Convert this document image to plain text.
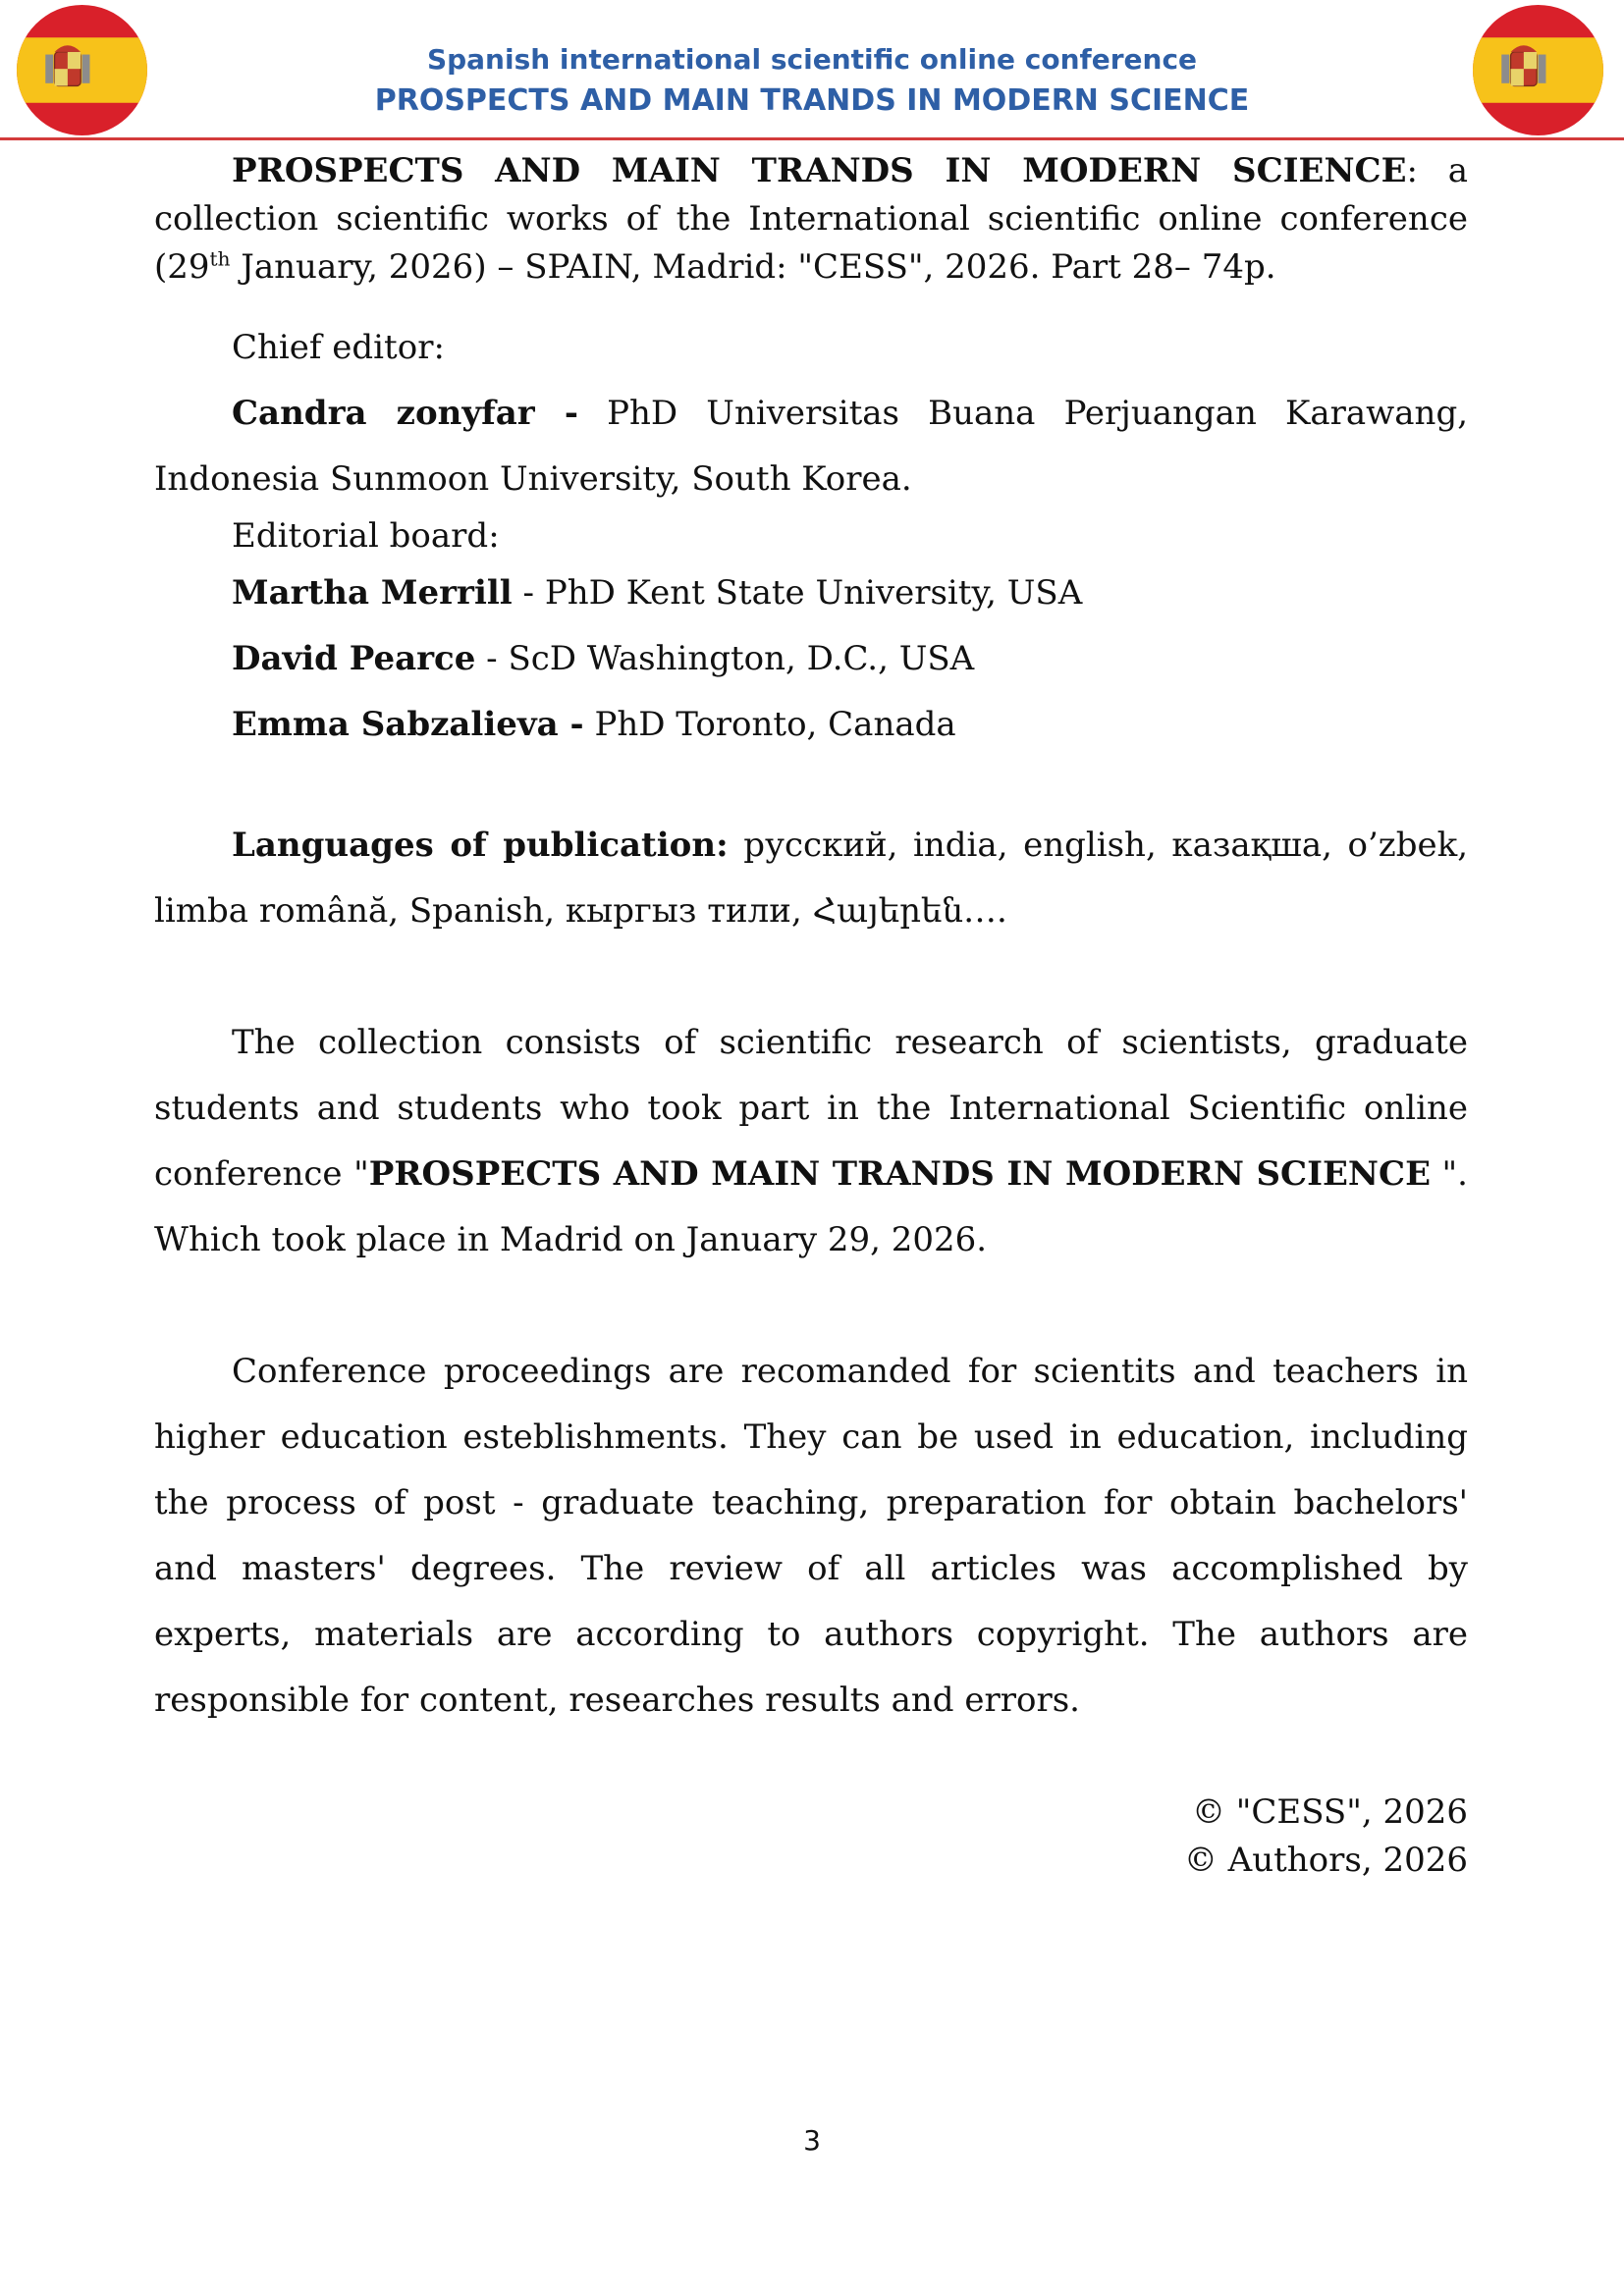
Spanish international scientific online conference
PROSPECTS AND MAIN TRANDS IN MODERN SCIENCE

PROSPECTS AND MAIN TRANDS IN MODERN SCIENCE: a collection scientific works of the International scientific online conference (29th January, 2026) – SPAIN, Madrid: "CESS", 2026. Part 28– 74p.

Chief editor:

Candra zonyfar - PhD Universitas Buana Perjuangan Karawang, Indonesia Sunmoon University, South Korea.

Editorial board:

Martha Merrill - PhD Kent State University, USA

David Pearce - ScD Washington, D.C., USA

Emma Sabzalieva - PhD Toronto, Canada

Languages of publication: русский, india, english, казақша, o’zbek, limba română, Spanish, кыргыз тили, Հայերեն….

The collection consists of scientific research of scientists, graduate students and students who took part in the International Scientific online conference "PROSPECTS AND MAIN TRANDS IN MODERN SCIENCE ". Which took place in Madrid on January 29, 2026.

Conference proceedings are recomanded for scientits and teachers in higher education esteblishments. They can be used in education, including the process of post - graduate teaching, preparation for obtain bachelors' and masters' degrees. The review of all articles was accomplished by experts, materials are according to authors copyright. The authors are responsible for content, researches results and errors.

© "CESS", 2026

© Authors, 2026

3
